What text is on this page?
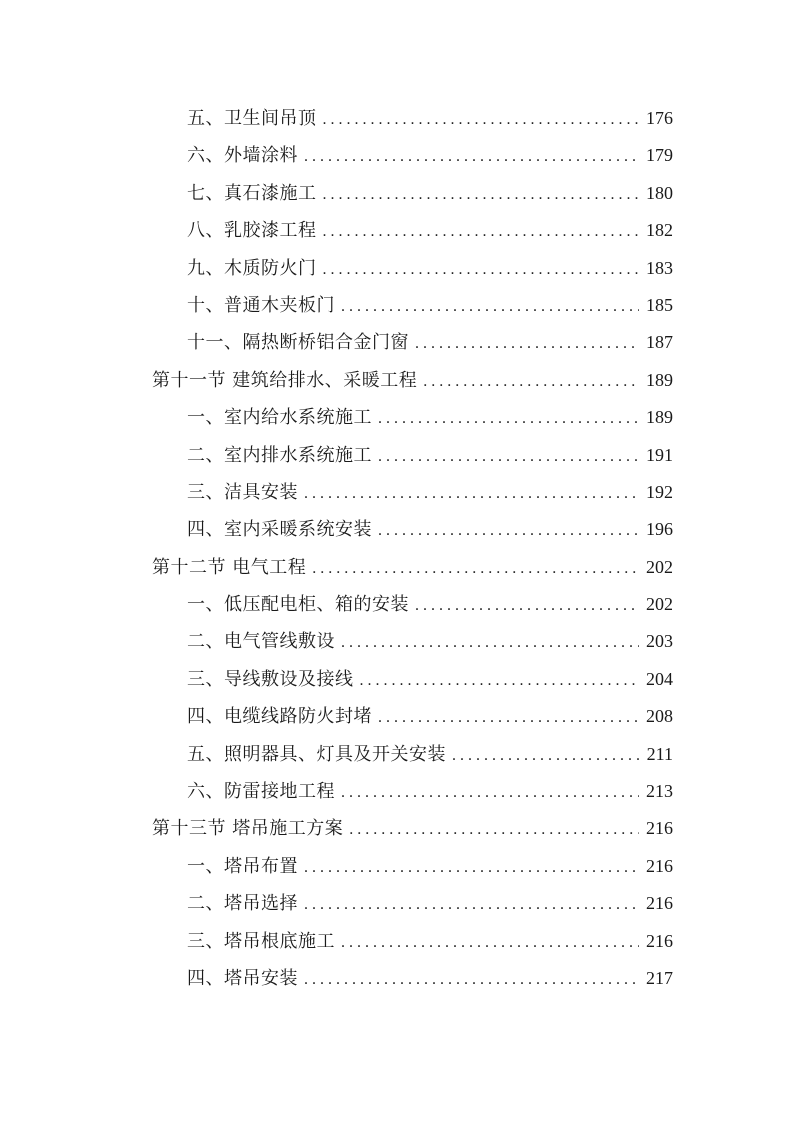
五、卫生间吊顶 . . .	176
六、外墙涂料 . . .	179
七、真石漆施工 . . .	180
八、乳胶漆工程 . . .	182
九、木质防火门 . . .	183
十、普通木夹板门 . . .	185
十一、隔热断桥铝合金门窗 . . .	187
第十一节 建筑给排水、采暖工程 . . .	189
一、室内给水系统施工 . . .	189
二、室内排水系统施工 . . .	191
三、洁具安装 . . .	192
四、室内采暖系统安装 . . .	196
第十二节 电气工程 . . .	202
一、低压配电柜、箱的安装 . . .	202
二、电气管线敷设 . . .	203
三、导线敷设及接线 . . .	204
四、电缆线路防火封堵 . . .	208
五、照明器具、灯具及开关安装 . . .	211
六、防雷接地工程 . . .	213
第十三节 塔吊施工方案 . . .	216
一、塔吊布置 . . .	216
二、塔吊选择 . . .	216
三、塔吊根底施工 . . .	216
四、塔吊安装 . . .	217
